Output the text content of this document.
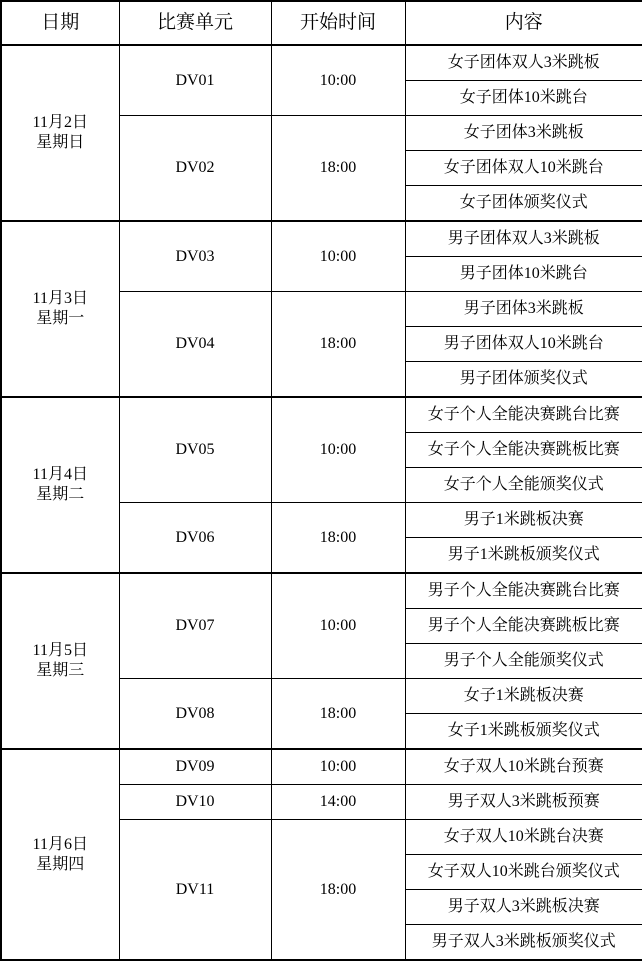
日期	比赛单元	开始时间	内容

11月2日
星期日	DV01	10:00	女子团体双人3米跳板
			女子团体10米跳台
	DV02	18:00	女子团体3米跳板
			女子团体双人10米跳台
			女子团体颁奖仪式

11月3日
星期一	DV03	10:00	男子团体双人3米跳板
			男子团体10米跳台
	DV04	18:00	男子团体3米跳板
			男子团体双人10米跳台
			男子团体颁奖仪式

11月4日
星期二	DV05	10:00	女子个人全能决赛跳台比赛
			女子个人全能决赛跳板比赛
			女子个人全能颁奖仪式
	DV06	18:00	男子1米跳板决赛
			男子1米跳板颁奖仪式

11月5日
星期三	DV07	10:00	男子个人全能决赛跳台比赛
			男子个人全能决赛跳板比赛
			男子个人全能颁奖仪式
	DV08	18:00	女子1米跳板决赛
			女子1米跳板颁奖仪式

11月6日
星期四	DV09	10:00	女子双人10米跳台预赛
	DV10	14:00	男子双人3米跳板预赛
	DV11	18:00	女子双人10米跳台决赛
			女子双人10米跳台颁奖仪式
			男子双人3米跳板决赛
			男子双人3米跳板颁奖仪式
